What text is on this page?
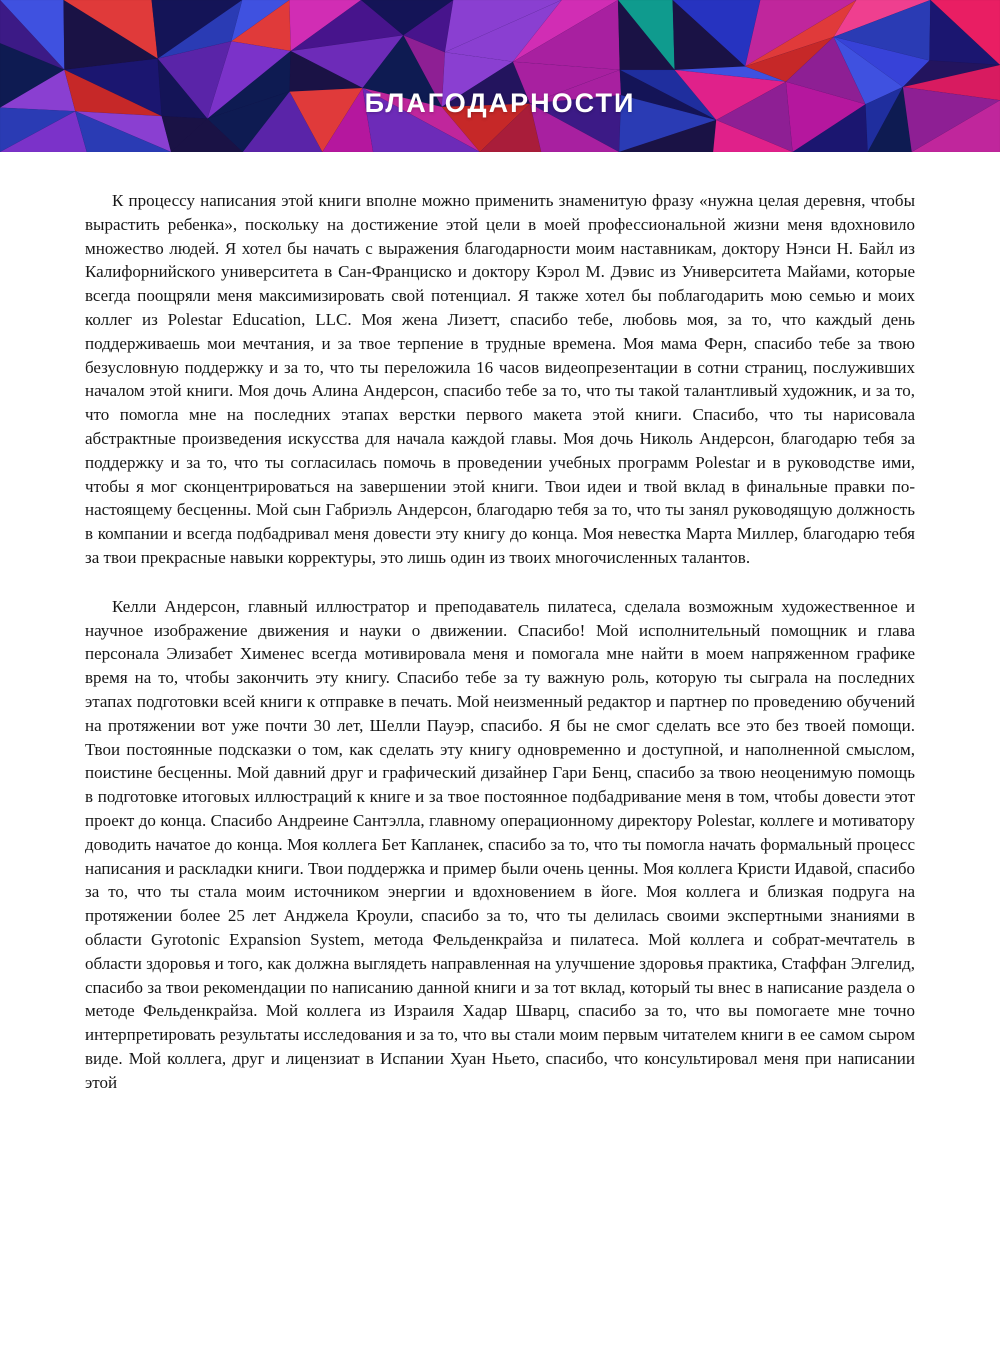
БЛАГОДАРНОСТИ

К процессу написания этой книги вполне можно применить знаменитую фразу «нужна целая деревня, чтобы вырастить ребенка», поскольку на достижение этой цели в моей профессиональной жизни меня вдохновило множество людей. Я хотел бы начать с выражения благодарности моим наставникам, доктору Нэнси Н. Байл из Калифорнийского университета в Сан-Франциско и доктору Кэрол М. Дэвис из Университета Майами, которые всегда поощряли меня максимизировать свой потенциал. Я также хотел бы поблагодарить мою семью и моих коллег из Polestar Education, LLC. Моя жена Лизетт, спасибо тебе, любовь моя, за то, что каждый день поддерживаешь мои мечтания, и за твое терпение в трудные времена. Моя мама Ферн, спасибо тебе за твою безусловную поддержку и за то, что ты переложила 16 часов видеопрезентации в сотни страниц, послуживших началом этой книги. Моя дочь Алина Андерсон, спасибо тебе за то, что ты такой талантливый художник, и за то, что помогла мне на последних этапах верстки первого макета этой книги. Спасибо, что ты нарисовала абстрактные произведения искусства для начала каждой главы. Моя дочь Николь Андерсон, благодарю тебя за поддержку и за то, что ты согласилась помочь в проведении учебных программ Polestar и в руководстве ими, чтобы я мог сконцентрироваться на завершении этой книги. Твои идеи и твой вклад в финальные правки по-настоящему бесценны. Мой сын Габриэль Андерсон, благодарю тебя за то, что ты занял руководящую должность в компании и всегда подбадривал меня довести эту книгу до конца. Моя невестка Марта Миллер, благодарю тебя за твои прекрасные навыки корректуры, это лишь один из твоих многочисленных талантов.

Келли Андерсон, главный иллюстратор и преподаватель пилатеса, сделала возможным художественное и научное изображение движения и науки о движении. Спасибо! Мой исполнительный помощник и глава персонала Элизабет Хименес всегда мотивировала меня и помогала мне найти в моем напряженном графике время на то, чтобы закончить эту книгу. Спасибо тебе за ту важную роль, которую ты сыграла на последних этапах подготовки всей книги к отправке в печать. Мой неизменный редактор и партнер по проведению обучений на протяжении вот уже почти 30 лет, Шелли Пауэр, спасибо. Я бы не смог сделать все это без твоей помощи. Твои постоянные подсказки о том, как сделать эту книгу одновременно и доступной, и наполненной смыслом, поистине бесценны. Мой давний друг и графический дизайнер Гари Бенц, спасибо за твою неоценимую помощь в подготовке итоговых иллюстраций к книге и за твое постоянное подбадривание меня в том, чтобы довести этот проект до конца. Спасибо Андреине Сантэлла, главному операционному директору Polestar, коллеге и мотиватору доводить начатое до конца. Моя коллега Бет Капланек, спасибо за то, что ты помогла начать формальный процесс написания и раскладки книги. Твои поддержка и пример были очень ценны. Моя коллега Кристи Идавой, спасибо за то, что ты стала моим источником энергии и вдохновением в йоге. Моя коллега и близкая подруга на протяжении более 25 лет Анджела Кроули, спасибо за то, что ты делилась своими экспертными знаниями в области Gyrotonic Expansion System, метода Фельденкрайза и пилатеса. Мой коллега и собрат-мечтатель в области здоровья и того, как должна выглядеть направленная на улучшение здоровья практика, Стаффан Элгелид, спасибо за твои рекомендации по написанию данной книги и за тот вклад, который ты внес в написание раздела о методе Фельденкрайза. Мой коллега из Израиля Хадар Шварц, спасибо за то, что вы помогаете мне точно интерпретировать результаты исследования и за то, что вы стали моим первым читателем книги в ее самом сыром виде. Мой коллега, друг и лицензиат в Испании Хуан Ньето, спасибо, что консультировал меня при написании этой
